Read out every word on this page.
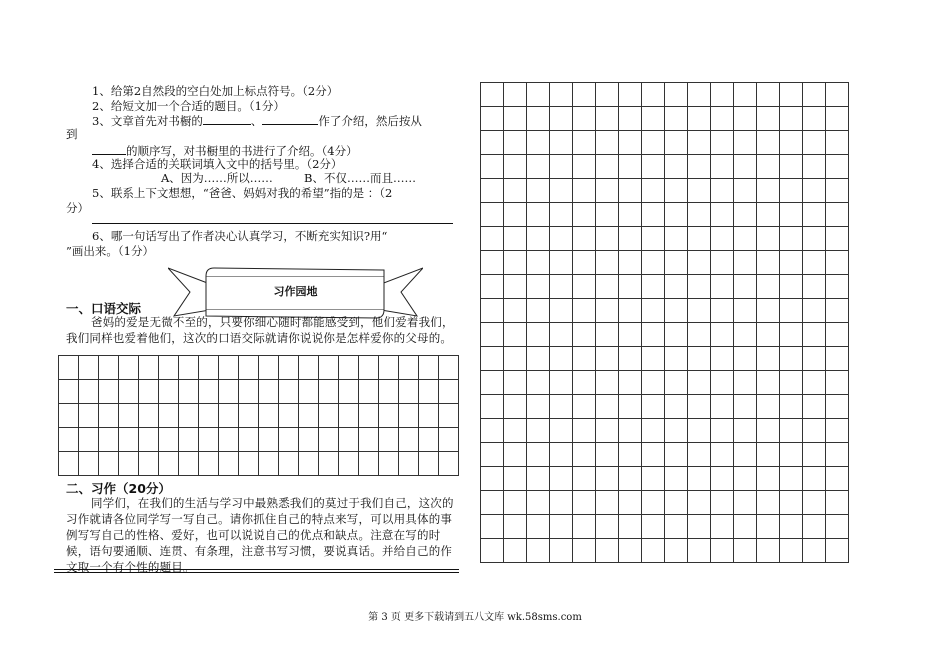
1、给第2自然段的空白处加上标点符号。（2分）
2、给短文加一个合适的题目。（1分）
3、文章首先对书橱的	、	作了介绍，然后按从
到
的顺序写，对书橱里的书进行了介绍。（4分）
4、选择合适的关联词填入文中的括号里。（2分）
A、因为……所以……	B、不仅……而且……
5、联系上下文想想，“爸爸、妈妈对我的希望”指的是 ：（2
分）
6、哪一句话写出了作者决心认真学习，不断充实知识?用“
”画出来。（1分）
习作园地
一、口语交际
爸妈的爱是无微不至的，只要你细心随时都能感受到，他们爱着我们，我们同样也爱着他们，这次的口语交际就请你说说你是怎样爱你的父母的。

二、习作（20分）
同学们，在我们的生活与学习中最熟悉我们的莫过于我们自己，这次的习作就请各位同学写一写自己。请你抓住自己的特点来写，可以用具体的事例写写自己的性格、爱好，也可以说说自己的优点和缺点。注意在写的时候，语句要通顺、连贯、有条理，注意书写习惯，要说真话。并给自己的作文取一个有个性的题目。

第 3 页 更多下载请到五八文库 wk.58sms.com
